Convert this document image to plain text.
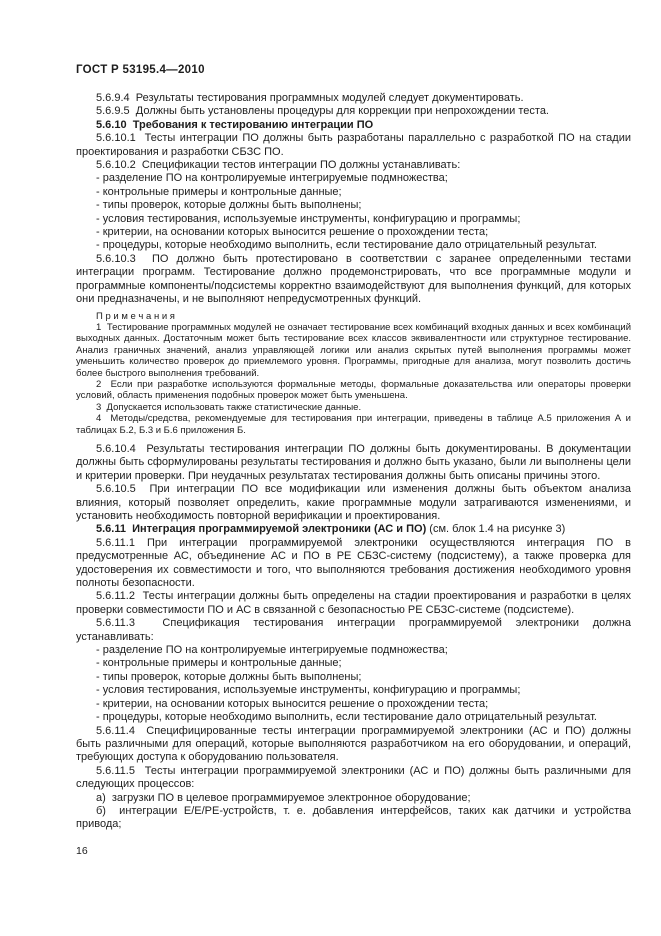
ГОСТ Р 53195.4—2010

5.6.9.4  Результаты тестирования программных модулей следует документировать.

5.6.9.5  Должны быть установлены процедуры для коррекции при непрохождении теста.

5.6.10  Требования к тестированию интеграции ПО

5.6.10.1  Тесты интеграции ПО должны быть разработаны параллельно с разработкой ПО на стадии проектирования и разработки СБЗС ПО.

5.6.10.2  Спецификации тестов интеграции ПО должны устанавливать:

- разделение ПО на контролируемые интегрируемые подмножества;

- контрольные примеры и контрольные данные;

- типы проверок, которые должны быть выполнены;

- условия тестирования, используемые инструменты, конфигурацию и программы;

- критерии, на основании которых выносится решение о прохождении теста;

- процедуры, которые необходимо выполнить, если тестирование дало отрицательный результат.

5.6.10.3  ПО должно быть протестировано в соответствии с заранее определенными тестами интеграции программ. Тестирование должно продемонстрировать, что все программные модули и программные компоненты/подсистемы корректно взаимодействуют для выполнения функций, для которых они предназначены, и не выполняют непредусмотренных функций.

П р и м е ч а н и я

1  Тестирование программных модулей не означает тестирование всех комбинаций входных данных и всех комбинаций выходных данных. Достаточным может быть тестирование всех классов эквивалентности или структурное тестирование. Анализ граничных значений, анализ управляющей логики или анализ скрытых путей выполнения программы может уменьшить количество проверок до приемлемого уровня. Программы, пригодные для анализа, могут позволить достичь более быстрого выполнения требований.

2  Если при разработке используются формальные методы, формальные доказательства или операторы проверки условий, область применения подобных проверок может быть уменьшена.

3  Допускается использовать также статистические данные.

4  Методы/средства, рекомендуемые для тестирования при интеграции, приведены в таблице А.5 приложения А и таблицах Б.2, Б.3 и Б.6 приложения Б.

5.6.10.4  Результаты тестирования интеграции ПО должны быть документированы. В документации должны быть сформулированы результаты тестирования и должно быть указано, были ли выполнены цели и критерии проверки. При неудачных результатах тестирования должны быть описаны причины этого.

5.6.10.5  При интеграции ПО все модификации или изменения должны быть объектом анализа влияния, который позволяет определить, какие программные модули затрагиваются изменениями, и установить необходимость повторной верификации и проектирования.

5.6.11  Интеграция программируемой электроники (АС и ПО) (см. блок 1.4 на рисунке 3)

5.6.11.1 При интеграции программируемой электроники осуществляются интеграция ПО в предусмотренные АС, объединение АС и ПО в РЕ СБЗС-систему (подсистему), а также проверка для удостоверения их совместимости и того, что выполняются требования достижения необходимого уровня полноты безопасности.

5.6.11.2  Тесты интеграции должны быть определены на стадии проектирования и разработки в целях проверки совместимости ПО и АС в связанной с безопасностью РЕ СБЗС-системе (подсистеме).

5.6.11.3  Спецификация тестирования интеграции программируемой электроники должна устанавливать:

- разделение ПО на контролируемые интегрируемые подмножества;

- контрольные примеры и контрольные данные;

- типы проверок, которые должны быть выполнены;

- условия тестирования, используемые инструменты, конфигурацию и программы;

- критерии, на основании которых выносится решение о прохождении теста;

- процедуры, которые необходимо выполнить, если тестирование дало отрицательный результат.

5.6.11.4  Специфицированные тесты интеграции программируемой электроники (АС и ПО) должны быть различными для операций, которые выполняются разработчиком на его оборудовании, и операций, требующих доступа к оборудованию пользователя.

5.6.11.5  Тесты интеграции программируемой электроники (АС и ПО) должны быть различными для следующих процессов:

а)  загрузки ПО в целевое программируемое электронное оборудование;

б)  интеграции Е/Е/РЕ-устройств, т. е. добавления интерфейсов, таких как датчики и устройства привода;

16
